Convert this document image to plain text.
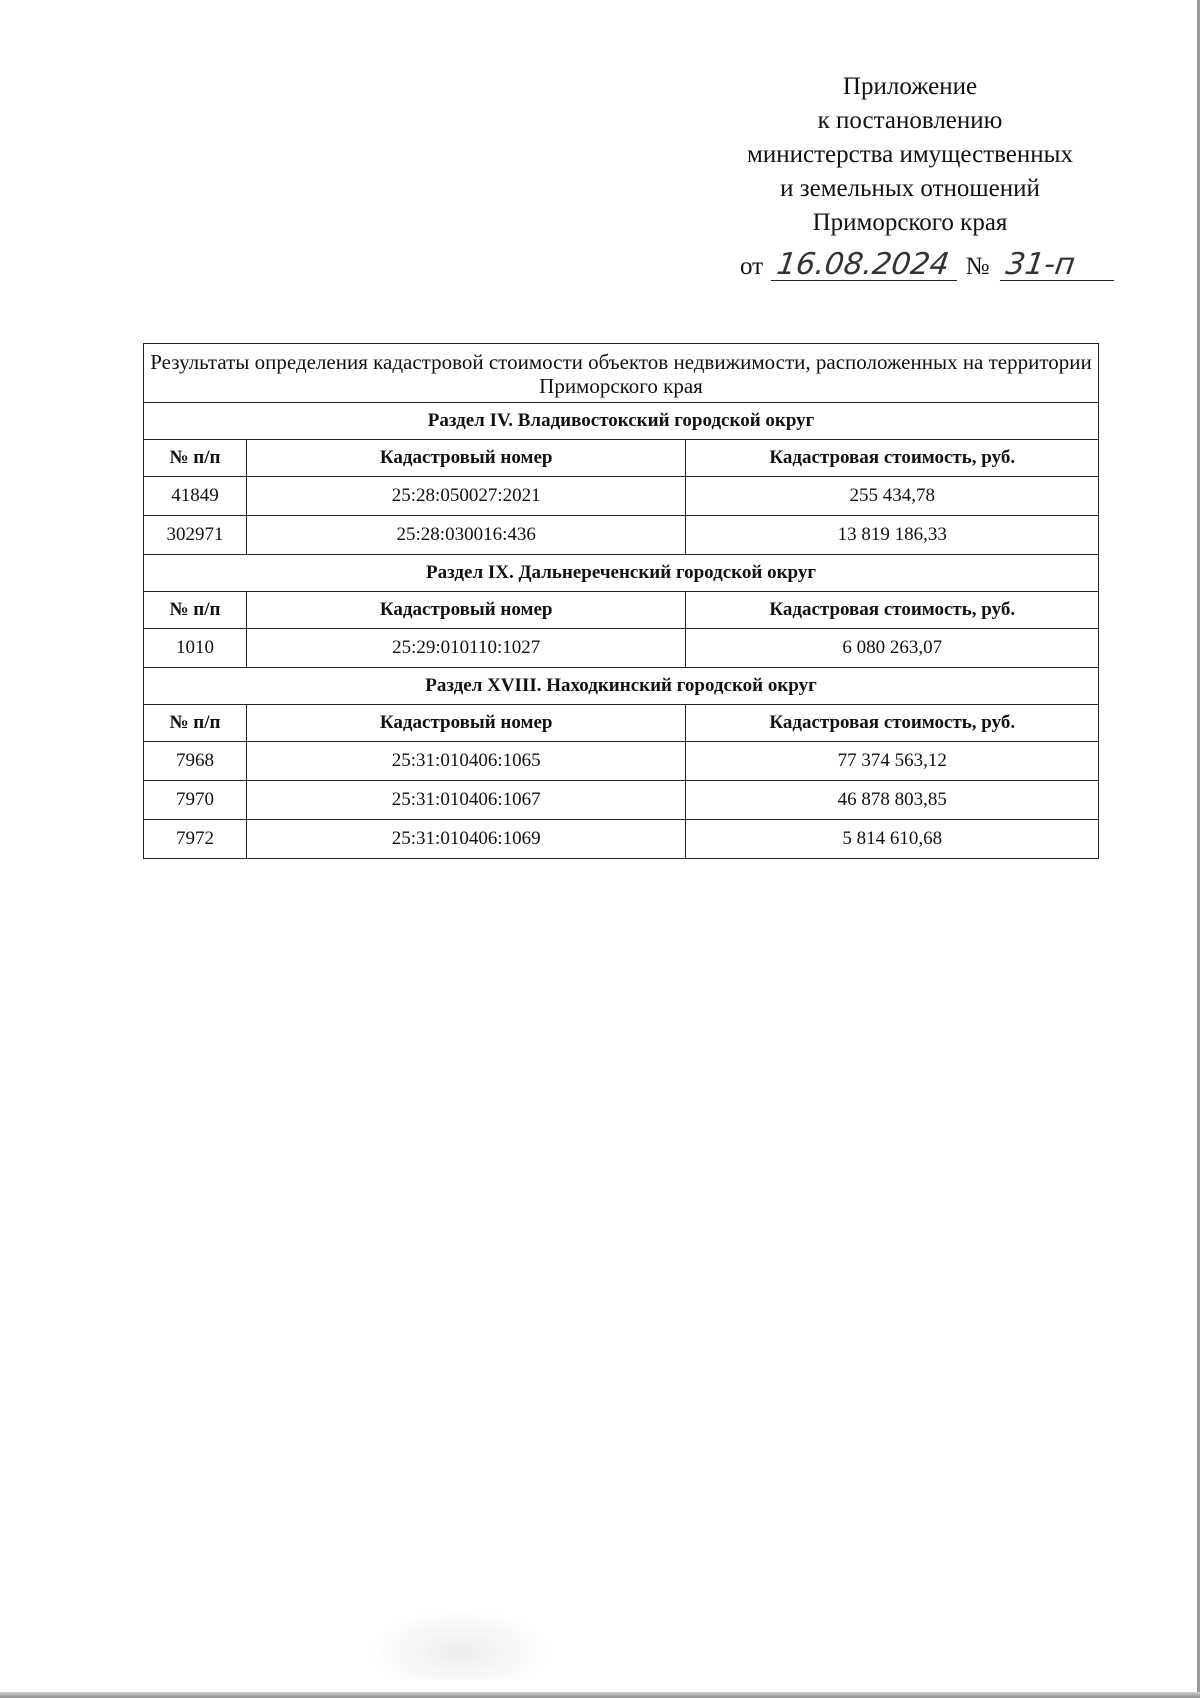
Приложение
к постановлению
министерства имущественных
и земельных отношений
Приморского края
от 16.08.2024 № 31-п
Результаты определения кадастровой стоимости объектов недвижимости, расположенных на территории Приморского края		
Раздел IV. Владивостокский городской округ		
№ п/п	Кадастровый номер	Кадастровая стоимость, руб.
41849	25:28:050027:2021	255 434,78
302971	25:28:030016:436	13 819 186,33
Раздел IX. Дальнереченский городской округ		
№ п/п	Кадастровый номер	Кадастровая стоимость, руб.
1010	25:29:010110:1027	6 080 263,07
Раздел XVIII. Находкинский городской округ		
№ п/п	Кадастровый номер	Кадастровая стоимость, руб.
7968	25:31:010406:1065	77 374 563,12
7970	25:31:010406:1067	46 878 803,85
7972	25:31:010406:1069	5 814 610,68
